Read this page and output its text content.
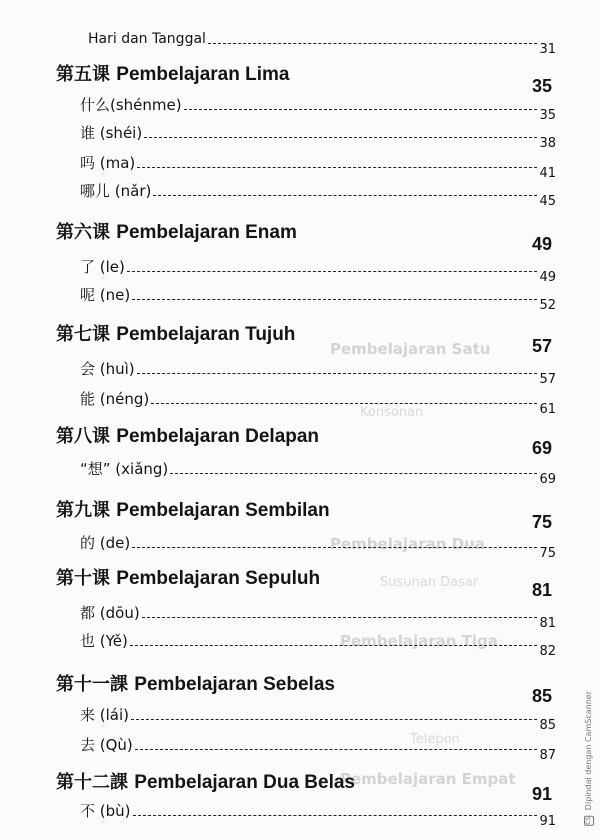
Pembelajaran Satu
Konsonan
Pembelajaran Dua
Susunan Dasar
Pembelajaran Tiga
Telepon
Pembelajaran Empat
Hari dan Tanggal
31
第五课 Pembelajaran Lima
35
什么(shénme)
35
谁 (shéi)
38
吗 (ma)
41
哪儿 (nǎr)
45
第六课 Pembelajaran Enam
49
了 (le)
49
呢 (ne)
52
第七课 Pembelajaran Tujuh
57
会 (huì)
57
能 (néng)
61
第八课 Pembelajaran Delapan
69
“想” (xiǎng)
69
第九课 Pembelajaran Sembilan
75
的 (de)
75
第十课 Pembelajaran Sepuluh
81
都 (dōu)
81
也 (Yě)
82
第十一課 Pembelajaran Sebelas
85
来 (lái)
85
去 (Qù)
87
第十二課 Pembelajaran Dua Belas
91
不 (bù)
91	CS Dipindai dengan CamScanner
